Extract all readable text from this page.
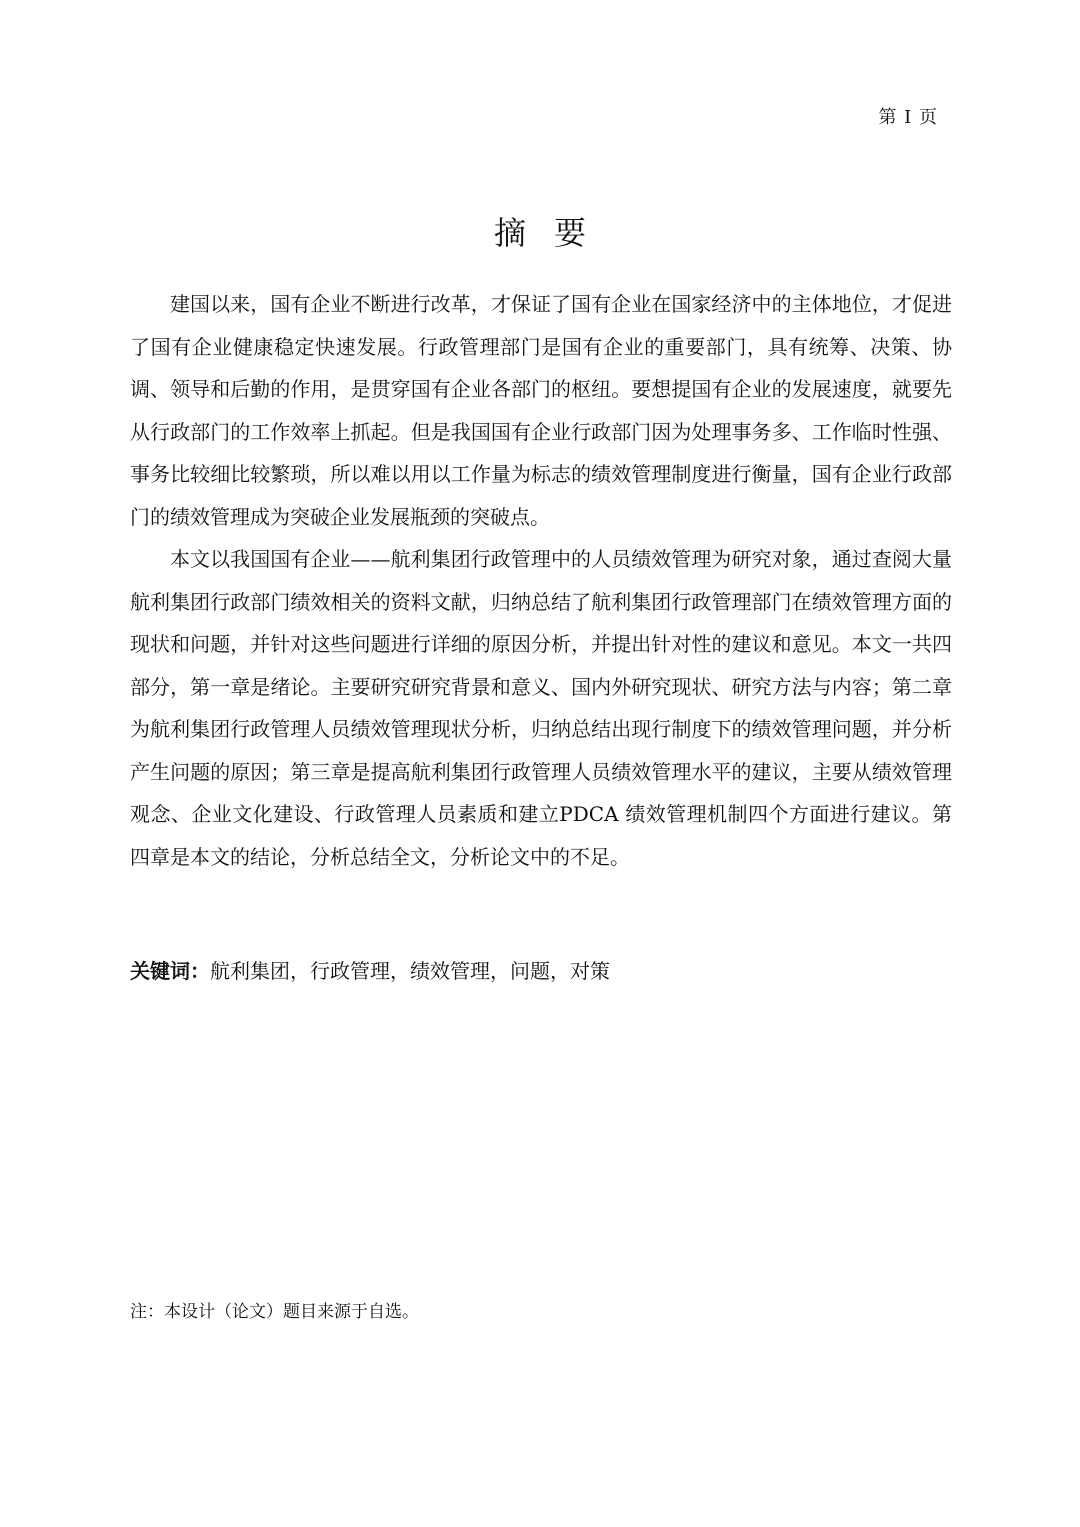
第 I 页
摘要

建国以来，国有企业不断进行改革，才保证了国有企业在国家经济中的主体地位，才促进了国有企业健康稳定快速发展。行政管理部门是国有企业的重要部门，具有统筹、决策、协调、领导和后勤的作用，是贯穿国有企业各部门的枢纽。要想提国有企业的发展速度，就要先从行政部门的工作效率上抓起。但是我国国有企业行政部门因为处理事务多、工作临时性强、事务比较细比较繁琐，所以难以用以工作量为标志的绩效管理制度进行衡量，国有企业行政部门的绩效管理成为突破企业发展瓶颈的突破点。

本文以我国国有企业——航利集团行政管理中的人员绩效管理为研究对象，通过查阅大量航利集团行政部门绩效相关的资料文献，归纳总结了航利集团行政管理部门在绩效管理方面的现状和问题，并针对这些问题进行详细的原因分析，并提出针对性的建议和意见。本文一共四部分，第一章是绪论。主要研究研究背景和意义、国内外研究现状、研究方法与内容；第二章为航利集团行政管理人员绩效管理现状分析，归纳总结出现行制度下的绩效管理问题，并分析产生问题的原因；第三章是提高航利集团行政管理人员绩效管理水平的建议，主要从绩效管理观念、企业文化建设、行政管理人员素质和建立PDCA 绩效管理机制四个方面进行建议。第四章是本文的结论，分析总结全文，分析论文中的不足。

关键词：航利集团，行政管理，绩效管理，问题，对策
注：本设计（论文）题目来源于自选。
